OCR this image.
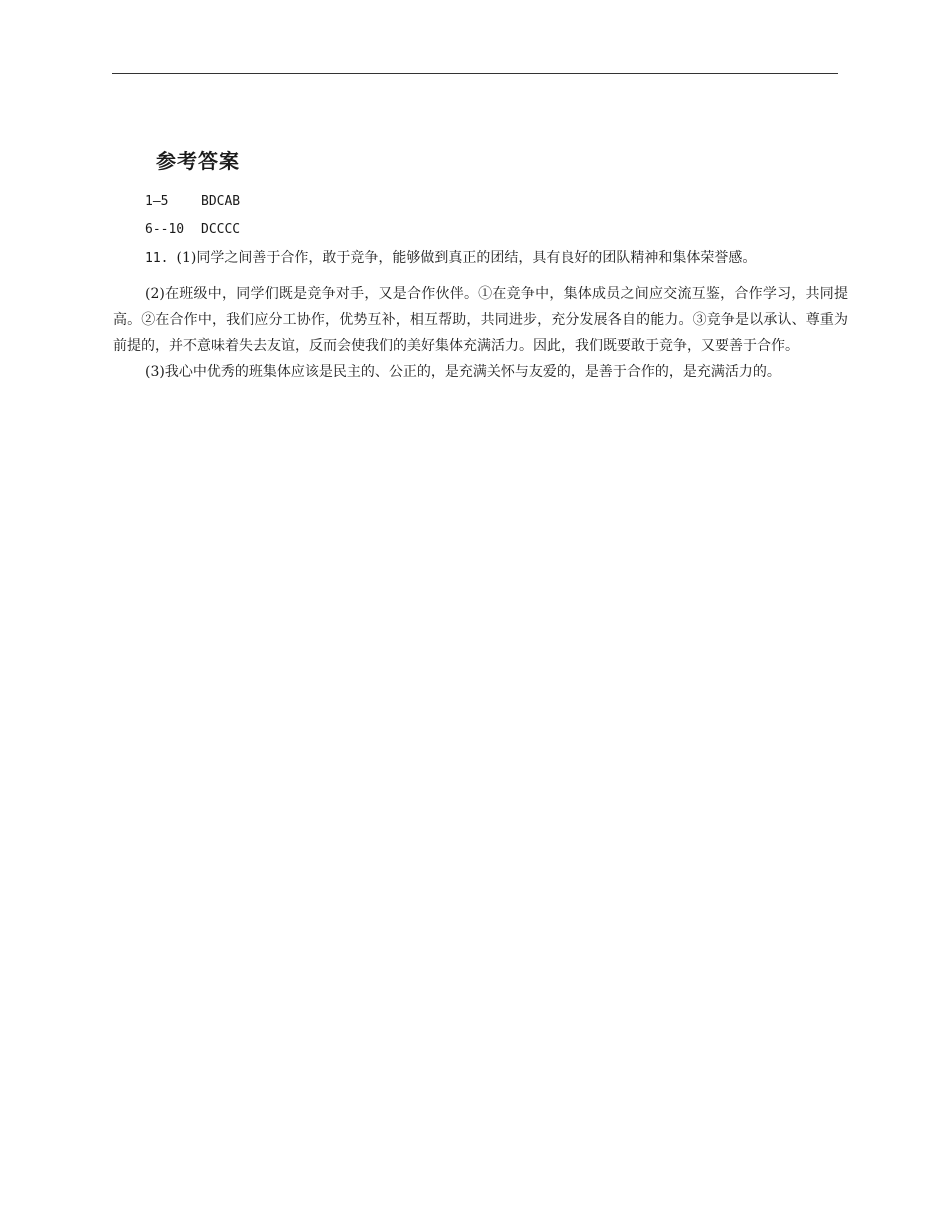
参考答案
1—5	BDCAB
6--10 DCCCC
11. (1)同学之间善于合作，敢于竞争，能够做到真正的团结，具有良好的团队精神和集体荣誉感。

(2)在班级中，同学们既是竞争对手，又是合作伙伴。①在竞争中，集体成员之间应交流互鉴，合作学习，共同提高。②在合作中，我们应分工协作，优势互补，相互帮助，共同进步，充分发展各自的能力。③竞争是以承认、尊重为前提的，并不意味着失去友谊，反而会使我们的美好集体充满活力。因此，我们既要敢于竞争，又要善于合作。

(3)我心中优秀的班集体应该是民主的、公正的，是充满关怀与友爱的，是善于合作的，是充满活力的。
